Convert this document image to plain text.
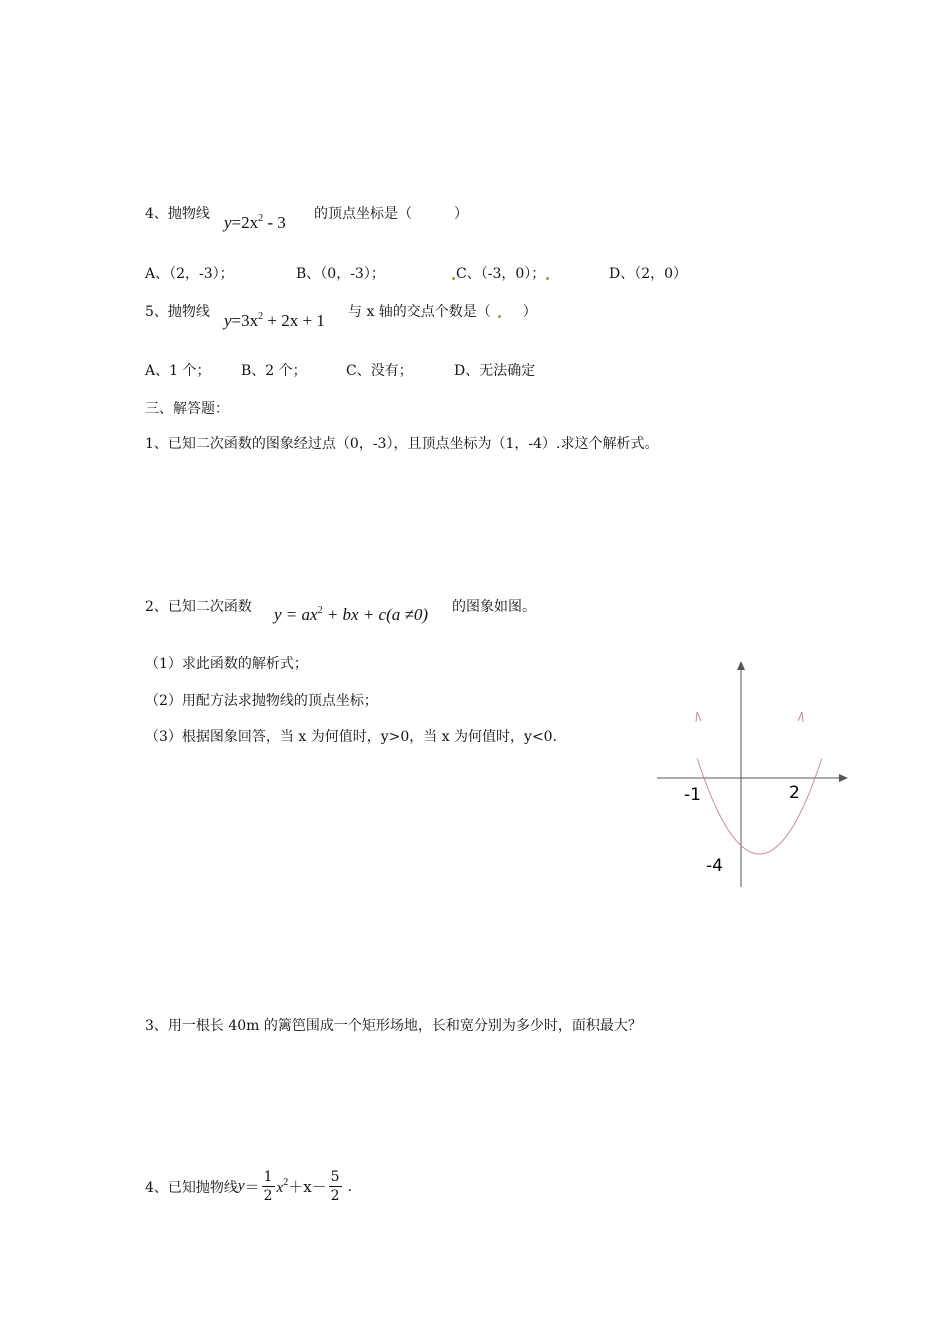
4、抛物线 $y=2x^2 - 3$ 的顶点坐标是（　　　）
A、（2，-3）；	B、（0，-3）；	C、（-3，0）；	D、（2，0）
5、抛物线 $y=3x^2 + 2x + 1$ 与 x 轴的交点个数是（ ）
A、1 个； B、2 个；	C、没有；	D、无法确定
三、解答题：
1、已知二次函数的图象经过点（0，-3），且顶点坐标为（1，-4）.求这个解析式。
2、已知二次函数 $y = ax^2$ + bx + c(a ≠0) 的图象如图。
（1）求此函数的解析式；
（2）用配方法求抛物线的顶点坐标；
（3）根据图象回答，当 x 为何值时，y>0，当 x 为何值时，y<0.
-1	2
-4
3、用一根长 40m 的篱笆围成一个矩形场地，长和宽分别为多少时，面积最大？
4、已知抛物线 $y = \frac{1}{2} x^2 +x- \frac{5}{2}$ .
